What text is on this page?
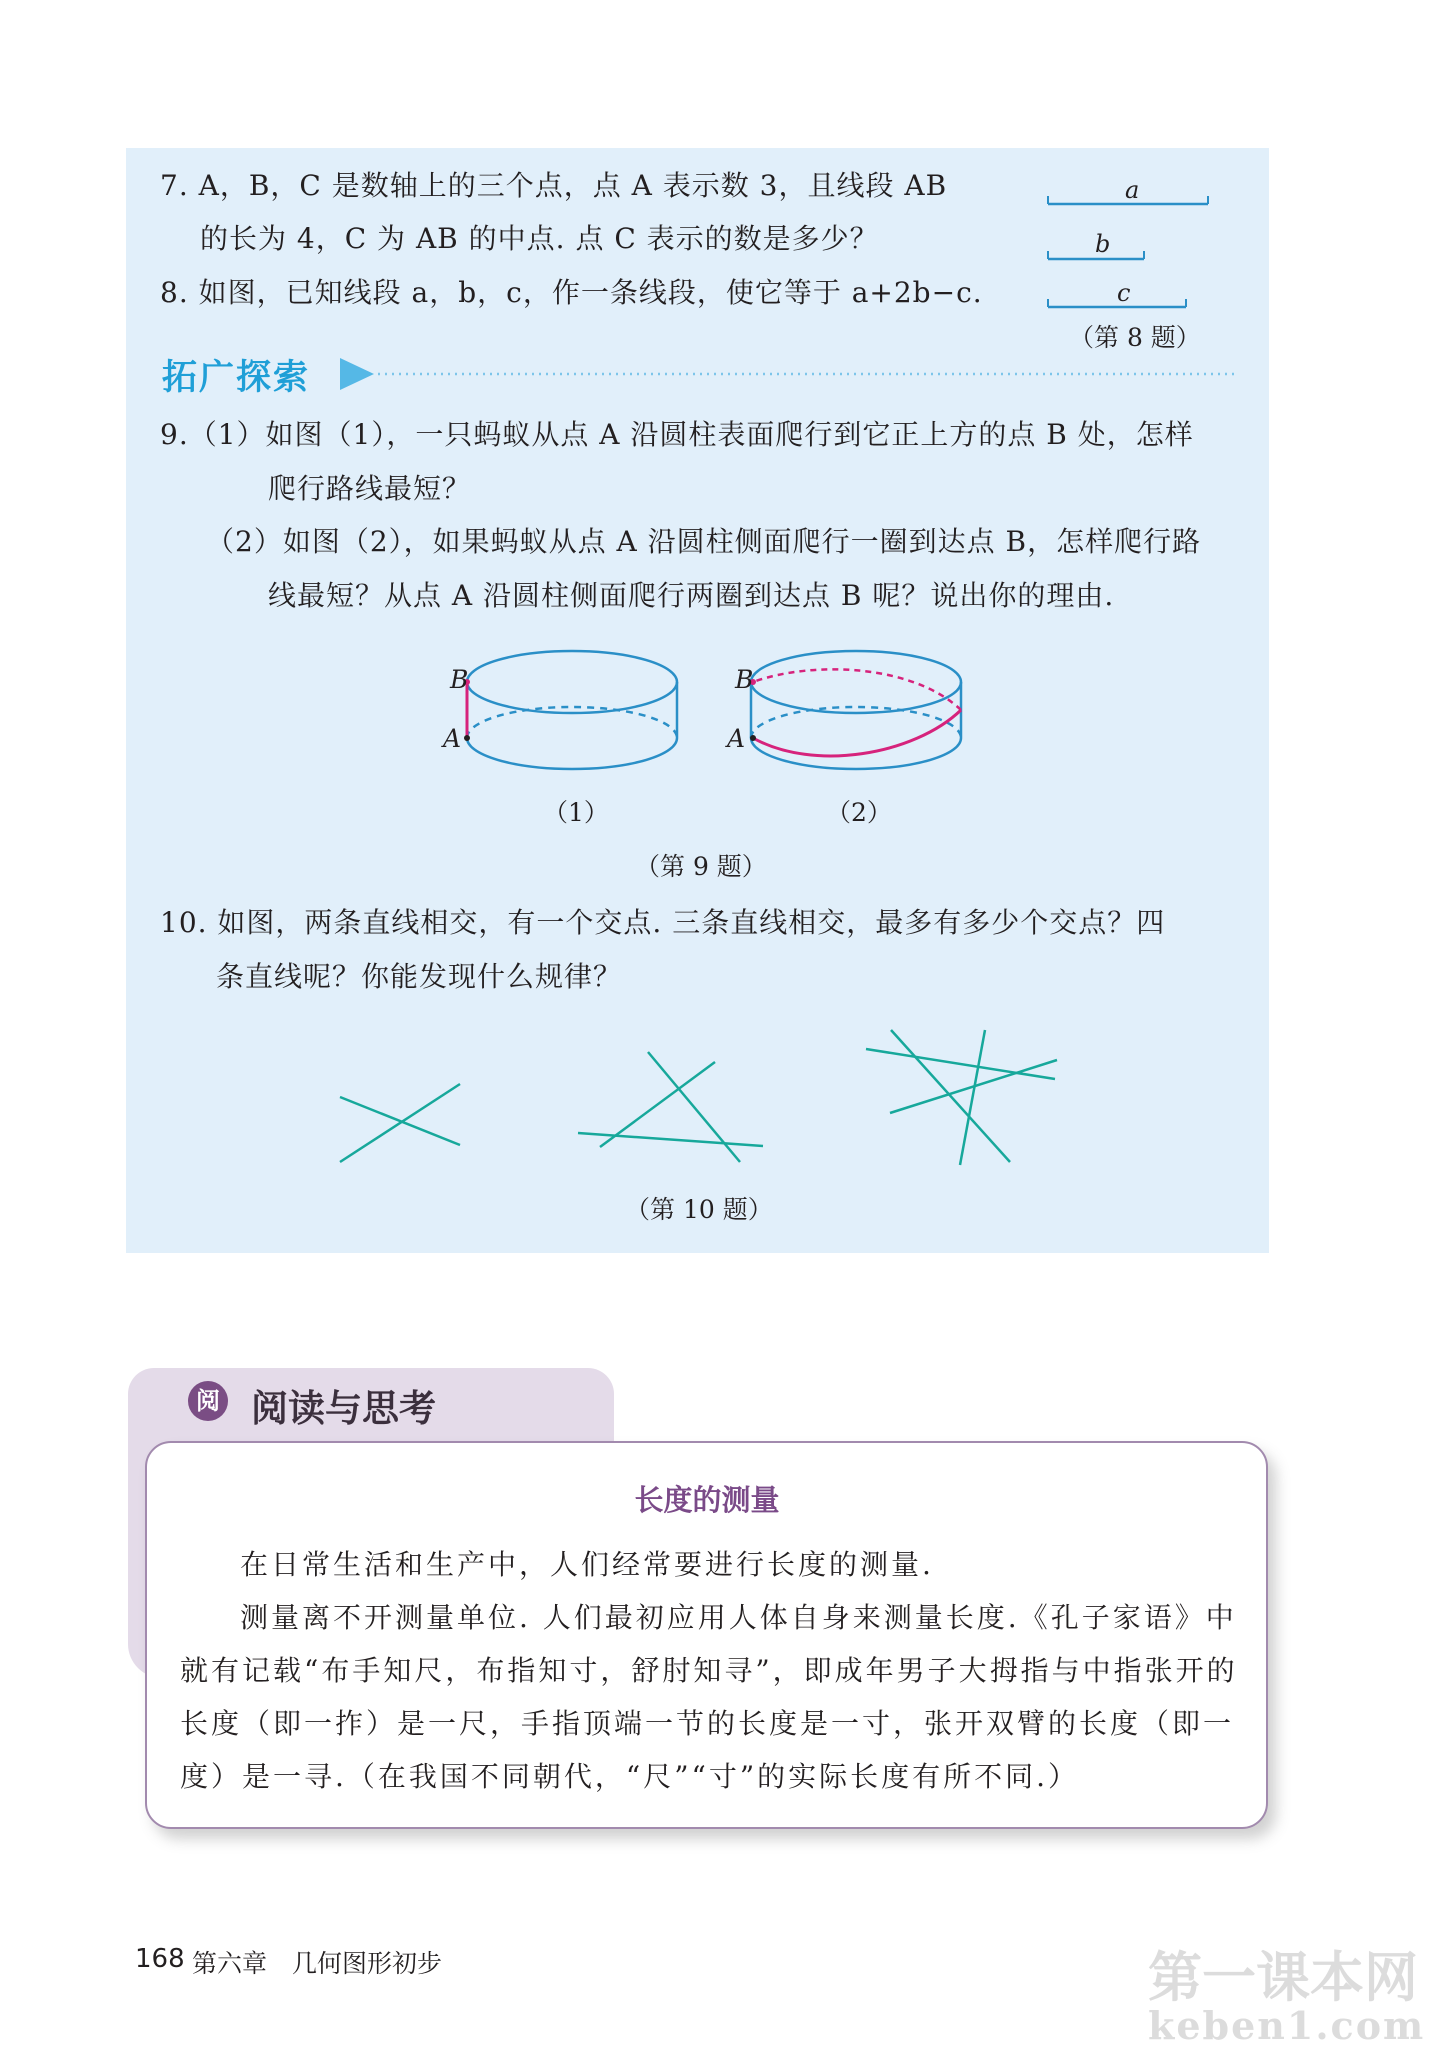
7. A，B，C 是数轴上的三个点，点 A 表示数 3，且线段 AB
的长为 4，C 为 AB 的中点. 点 C 表示的数是多少？
8. 如图，已知线段 a，b，c，作一条线段，使它等于 a+2b−c.
a
b
c
（第 8 题）
拓广探索
9.（1）如图（1），一只蚂蚁从点 A 沿圆柱表面爬行到它正上方的点 B 处，怎样
爬行路线最短？
（2）如图（2），如果蚂蚁从点 A 沿圆柱侧面爬行一圈到达点 B，怎样爬行路
线最短？从点 A 沿圆柱侧面爬行两圈到达点 B 呢？说出你的理由.
B
A
（1）
B
A
（2）
（第 9 题）
10. 如图，两条直线相交，有一个交点. 三条直线相交，最多有多少个交点？四
条直线呢？你能发现什么规律？
（第 10 题）
阅 阅读与思考
长度的测量
在日常生活和生产中，人们经常要进行长度的测量.
测量离不开测量单位. 人们最初应用人体自身来测量长度.《孔子家语》中
就有记载“布手知尺，布指知寸，舒肘知寻”，即成年男子大拇指与中指张开的
长度（即一拃）是一尺，手指顶端一节的长度是一寸，张开双臂的长度（即一
度）是一寻.（在我国不同朝代，“尺”“寸”的实际长度有所不同.）
168 第六章　几何图形初步	第一课本网
keben1.com
